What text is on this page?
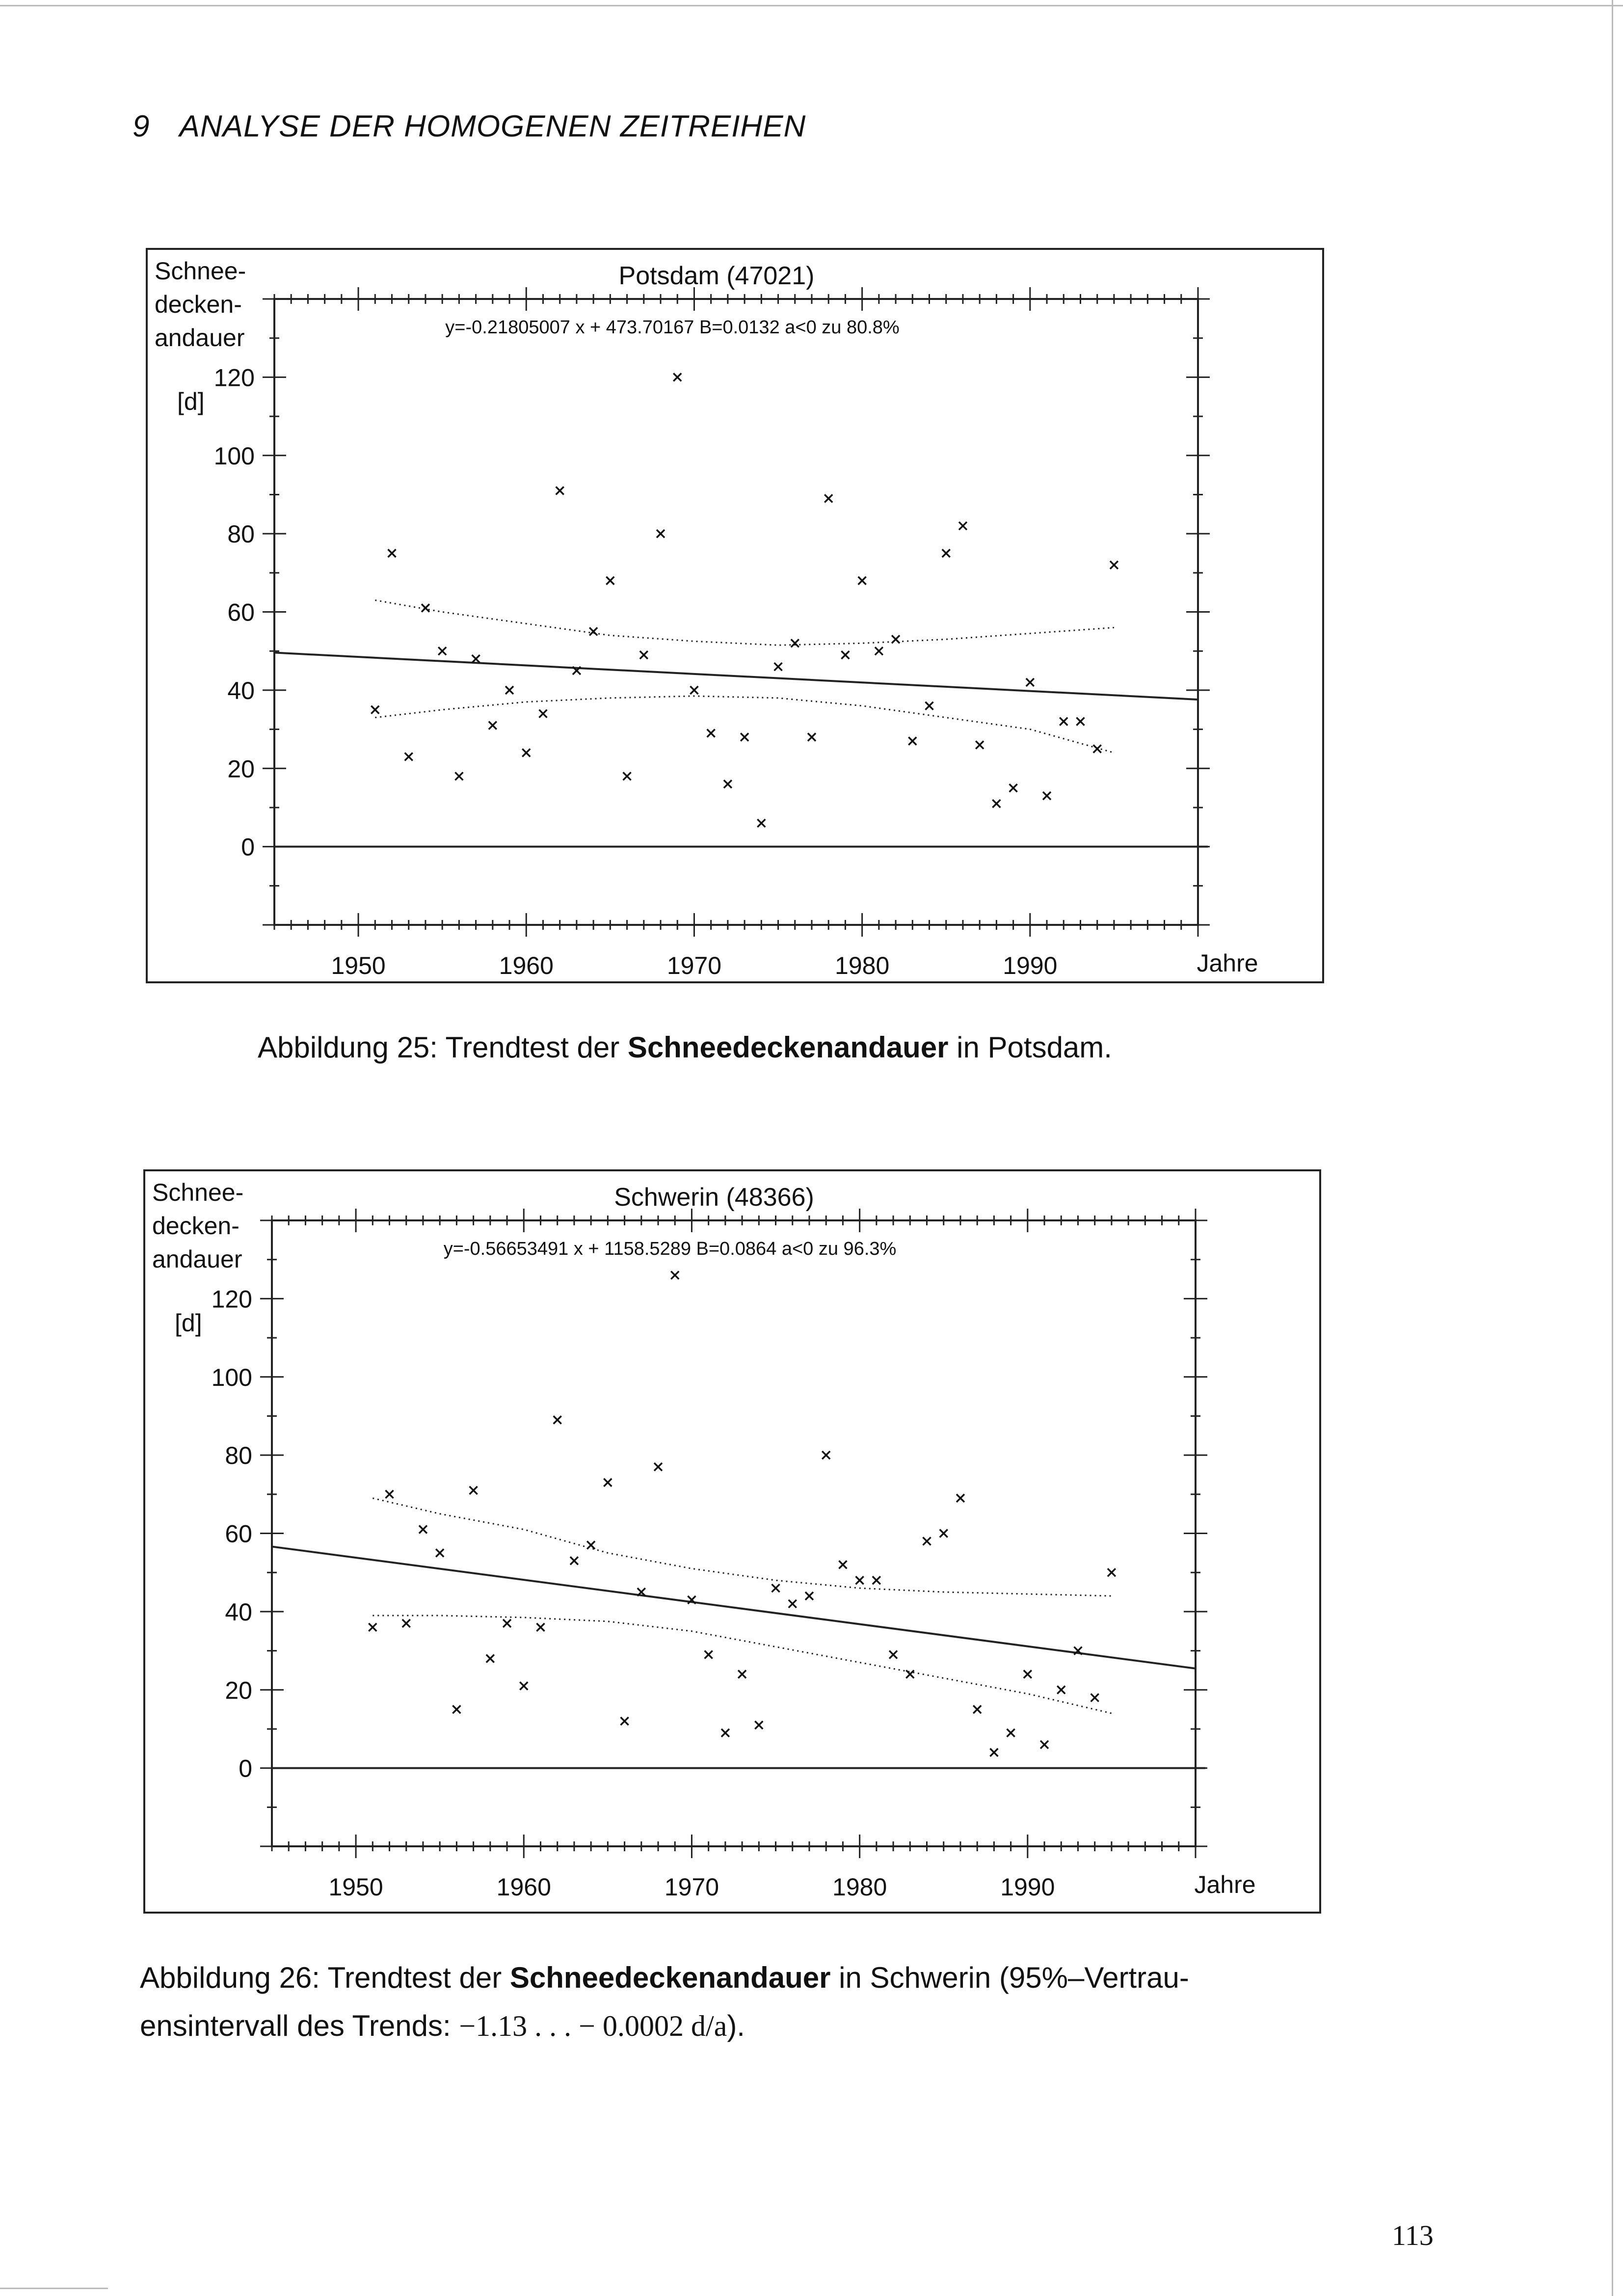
9 ANALYSE DER HOMOGENEN ZEITREIHEN
0
20
40
60
80
100
120
1950	1960	1970	1980	1990	Jahre
Schnee-
decken-
andauer
[d]
Potsdam (47021)
y=-0.21805007 x + 473.70167 B=0.0132 a<0 zu 80.8%
Abbildung 25: Trendtest der Schneedeckenandauer in Potsdam.
0
20
40
60
80
100
120
1950	1960	1970	1980	1990	Jahre
Schnee-
decken-
andauer
[d]
Schwerin (48366)
y=-0.56653491 x + 1158.5289 B=0.0864 a<0 zu 96.3%
Abbildung 26: Trendtest der Schneedeckenandauer in Schwerin (95%–Vertrau-
ensintervall des Trends: −1.13 . . . − 0.0002 d/a).
113
